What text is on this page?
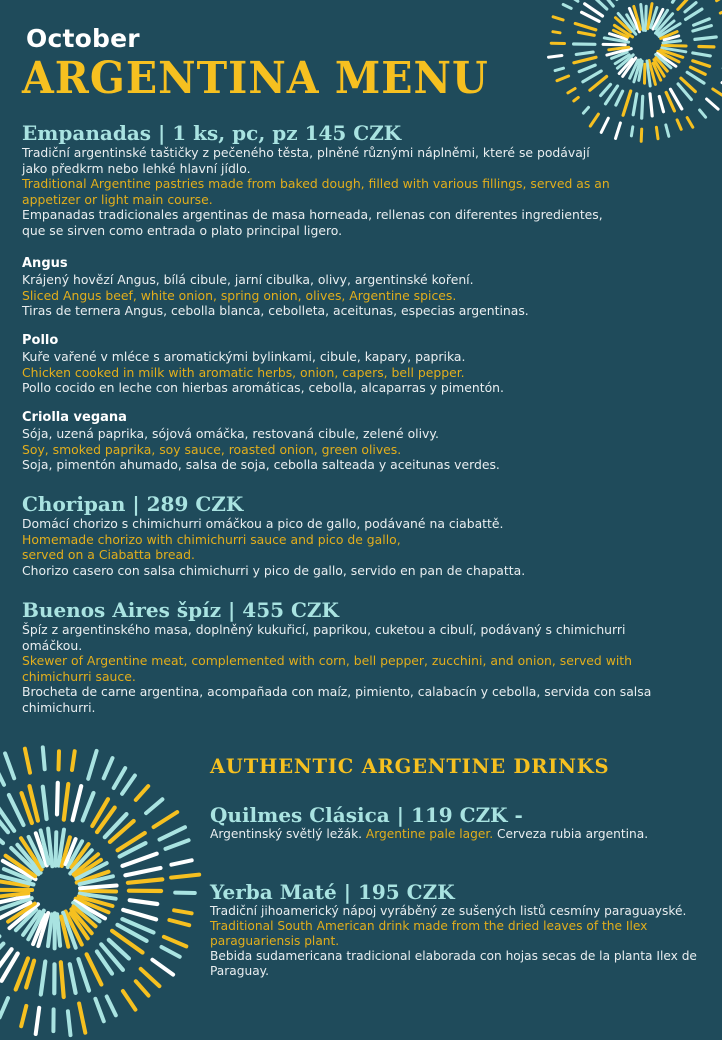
October
ARGENTINA MENU
Empanadas | 1 ks, pc, pz 145 CZK
Tradiční argentinské taštičky z pečeného těsta, plněné různými náplněmi, které se podávají jako předkrm nebo lehké hlavní jídlo.
Traditional Argentine pastries made from baked dough, filled with various fillings, served as an appetizer or light main course.
Empanadas tradicionales argentinas de masa horneada, rellenas con diferentes ingredientes, que se sirven como entrada o plato principal ligero.
Angus
Krájený hovězí Angus, bílá cibule, jarní cibulka, olivy, argentinské koření.
Sliced Angus beef, white onion, spring onion, olives, Argentine spices.
Tiras de ternera Angus, cebolla blanca, cebolleta, aceitunas, especias argentinas.
Pollo
Kuře vařené v mléce s aromatickými bylinkami, cibule, kapary, paprika.
Chicken cooked in milk with aromatic herbs, onion, capers, bell pepper.
Pollo cocido en leche con hierbas aromáticas, cebolla, alcaparras y pimentón.
Criolla vegana
Sója, uzená paprika, sójová omáčka, restovaná cibule, zelené olivy.
Soy, smoked paprika, soy sauce, roasted onion, green olives.
Soja, pimentón ahumado, salsa de soja, cebolla salteada y aceitunas verdes.
Choripan | 289 CZK
Domácí chorizo s chimichurri omáčkou a pico de gallo, podávané na ciabattě.
Homemade chorizo with chimichurri sauce and pico de gallo,
served on a Ciabatta bread.
Chorizo casero con salsa chimichurri y pico de gallo, servido en pan de chapatta.
Buenos Aires špíz | 455 CZK
Špíz z argentinského masa, doplněný kukuřicí, paprikou, cuketou a cibulí, podávaný s chimichurri omáčkou.
Skewer of Argentine meat, complemented with corn, bell pepper, zucchini, and onion, served with chimichurri sauce.
Brocheta de carne argentina, acompañada con maíz, pimiento, calabacín y cebolla, servida con salsa chimichurri.
AUTHENTIC ARGENTINE DRINKS
Quilmes Clásica | 119 CZK -
Argentinský světlý ležák. Argentine pale lager. Cerveza rubia argentina.
Yerba Maté | 195 CZK
Tradiční jihoamerický nápoj vyráběný ze sušených listů cesmíny paraguayské. Traditional South American drink made from the dried leaves of the Ilex paraguariensis plant.
Bebida sudamericana tradicional elaborada con hojas secas de la planta Ilex de Paraguay.
